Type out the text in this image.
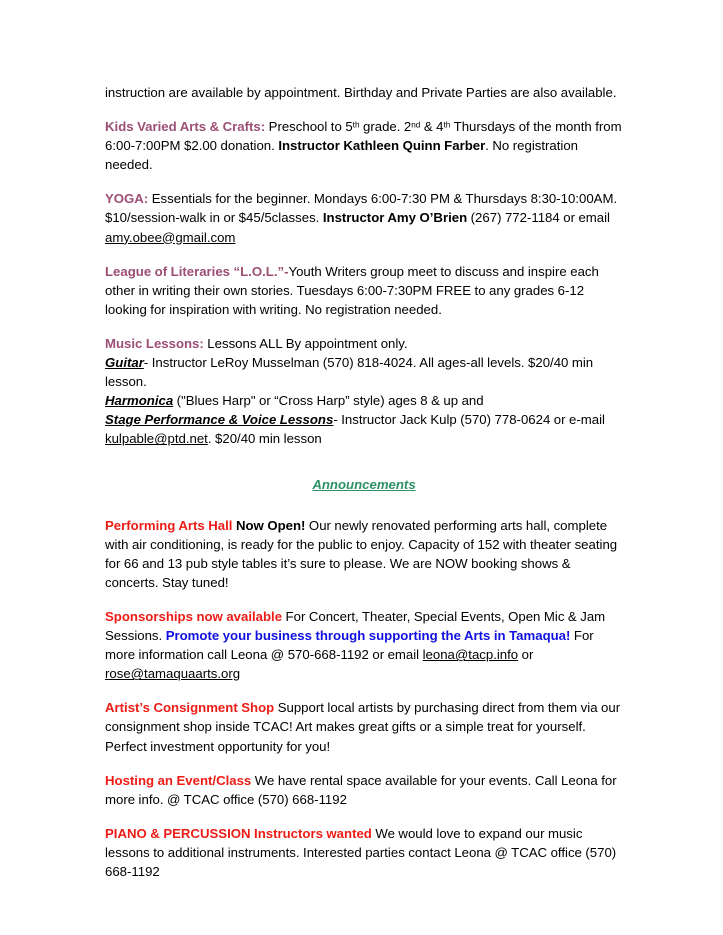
instruction are available by appointment. Birthday and Private Parties are also available.

Kids Varied Arts & Crafts: Preschool to 5th grade. 2nd & 4th Thursdays of the month from 6:00-7:00PM $2.00 donation. Instructor Kathleen Quinn Farber. No registration needed.

YOGA: Essentials for the beginner. Mondays 6:00-7:30 PM & Thursdays 8:30-10:00AM. $10/session-walk in or $45/5classes. Instructor Amy O’Brien (267) 772-1184 or email amy.obee@gmail.com

League of Literaries “L.O.L.”-Youth Writers group meet to discuss and inspire each other in writing their own stories. Tuesdays 6:00-7:30PM FREE to any grades 6-12 looking for inspiration with writing. No registration needed.

Music Lessons: Lessons ALL By appointment only.
Guitar- Instructor LeRoy Musselman (570) 818-4024. All ages-all levels. $20/40 min lesson.
Harmonica ("Blues Harp" or “Cross Harp” style) ages 8 & up and
Stage Performance & Voice Lessons- Instructor Jack Kulp (570) 778-0624 or e-mail kulpable@ptd.net. $20/40 min lesson

Announcements

Performing Arts Hall Now Open! Our newly renovated performing arts hall, complete with air conditioning, is ready for the public to enjoy. Capacity of 152 with theater seating for 66 and 13 pub style tables it’s sure to please. We are NOW booking shows & concerts. Stay tuned!

Sponsorships now available For Concert, Theater, Special Events, Open Mic & Jam Sessions. Promote your business through supporting the Arts in Tamaqua! For more information call Leona @ 570-668-1192 or email leona@tacp.info or rose@tamaquaarts.org

Artist’s Consignment Shop Support local artists by purchasing direct from them via our consignment shop inside TCAC! Art makes great gifts or a simple treat for yourself. Perfect investment opportunity for you!

Hosting an Event/Class We have rental space available for your events. Call Leona for more info. @ TCAC office (570) 668-1192

PIANO & PERCUSSION Instructors wanted We would love to expand our music lessons to additional instruments. Interested parties contact Leona @ TCAC office (570) 668-1192
